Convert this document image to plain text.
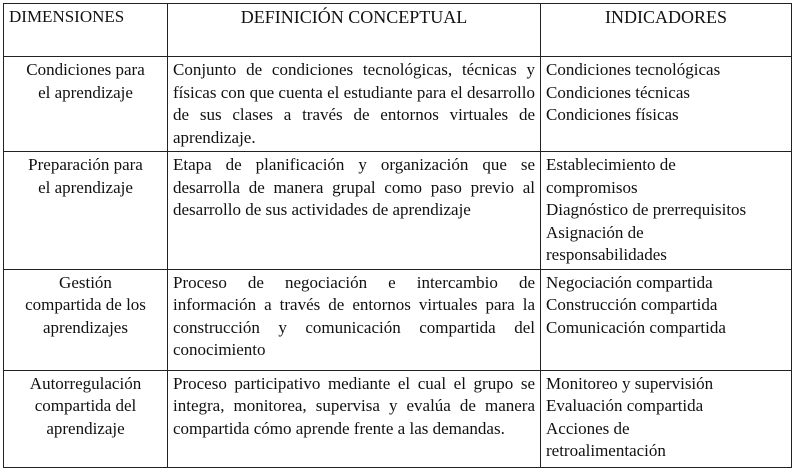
DIMENSIONES	DEFINICIÓN CONCEPTUAL	INDICADORES

Condiciones para
el aprendizaje	Conjunto de condiciones tecnológicas, técnicas y físicas con que cuenta el estudiante para el desarrollo de sus clases a través de entornos virtuales de aprendizaje.	Condiciones tecnológicas
Condiciones técnicas
Condiciones físicas

Preparación para
el aprendizaje	Etapa de planificación y organización que se desarrolla de manera grupal como paso previo al desarrollo de sus actividades de aprendizaje	Establecimiento de
compromisos
Diagnóstico de prerrequisitos
Asignación de
responsabilidades

Gestión
compartida de los
aprendizajes	Proceso de negociación e intercambio de información a través de entornos virtuales para la construcción y comunicación compartida del conocimiento	Negociación compartida
Construcción compartida
Comunicación compartida

Autorregulación
compartida del
aprendizaje	Proceso participativo mediante el cual el grupo se integra, monitorea, supervisa y evalúa de manera compartida cómo aprende frente a las demandas.	Monitoreo y supervisión
Evaluación compartida
Acciones de
retroalimentación
